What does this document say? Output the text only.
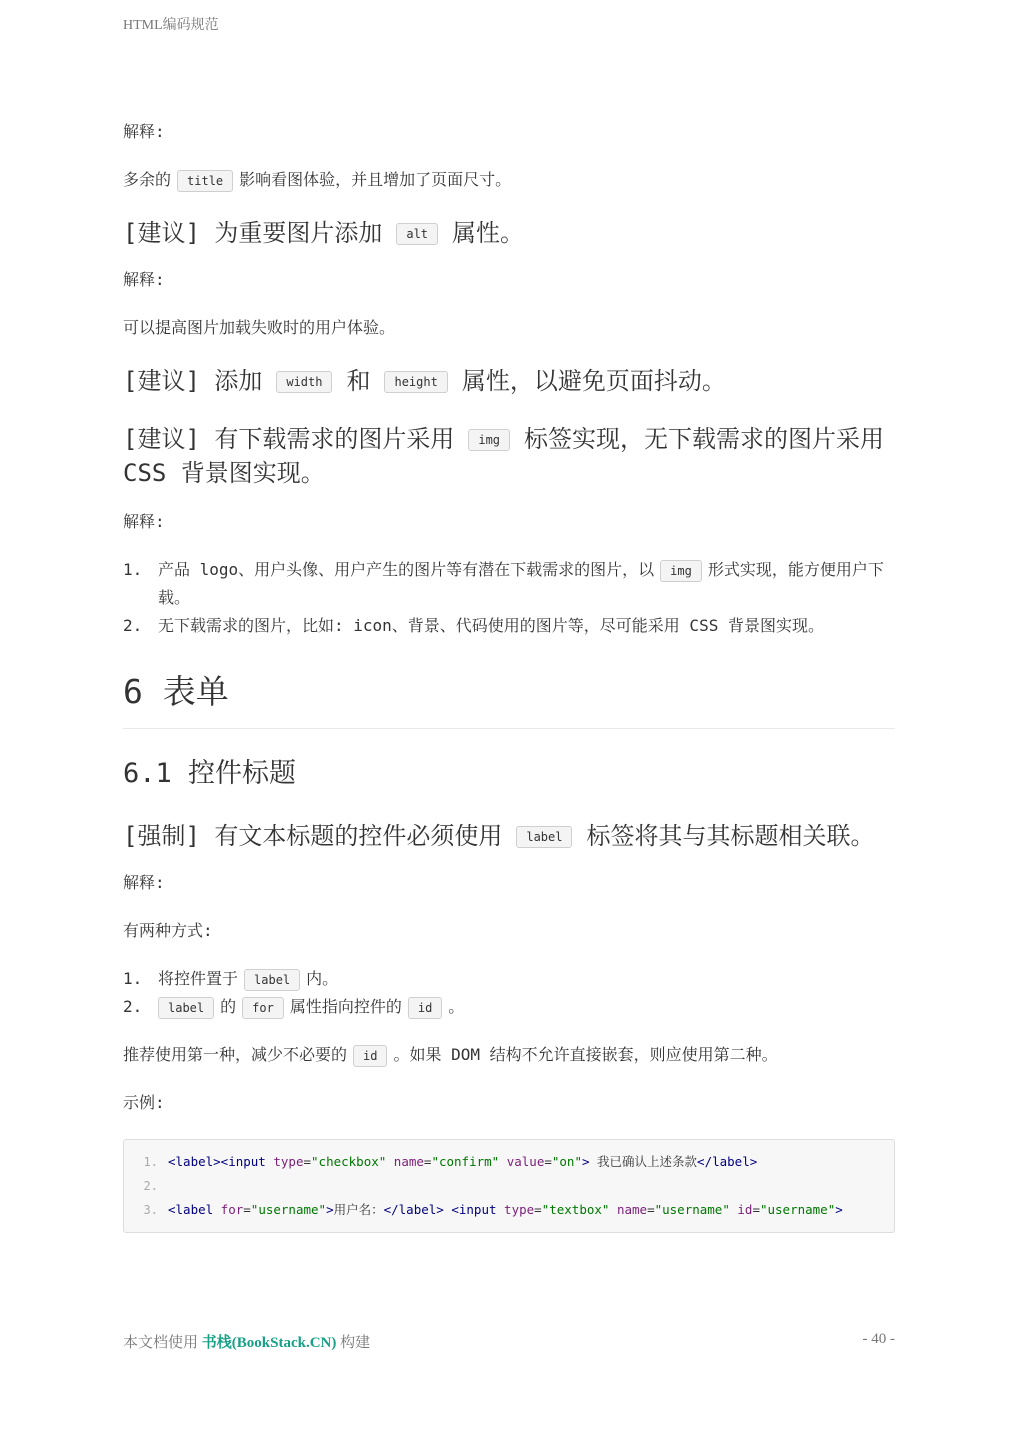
HTML编码规范

解释:

多余的 title 影响看图体验，并且增加了页面尺寸。

[建议] 为重要图片添加 alt 属性。

解释:

可以提高图片加载失败时的用户体验。

[建议] 添加 width 和 height 属性，以避免页面抖动。
[建议] 有下载需求的图片采用 img 标签实现，无下载需求的图片采用 CSS 背景图实现。

解释:

1. 产品 logo、用户头像、用户产生的图片等有潜在下载需求的图片，以 img 形式实现，能方便用户下载。
2. 无下载需求的图片，比如: icon、背景、代码使用的图片等，尽可能采用 CSS 背景图实现。
6 表单
6.1 控件标题
[强制] 有文本标题的控件必须使用 label 标签将其与其标题相关联。

解释:

有两种方式:

1. 将控件置于 label 内。
2. label 的 for 属性指向控件的 id 。

推荐使用第一种，减少不必要的 id 。如果 DOM 结构不允许直接嵌套，则应使用第二种。

示例:

1. <label><input type = "checkbox" name = "confirm" value = "on" > 我已确认上述条款 </label>
2.
3. <label for = "username" > 用户名： </label> <input type = "textbox" name = "username" id = "username" >
本文档使用 书栈(BookStack.CN) 构建	- 40 -
